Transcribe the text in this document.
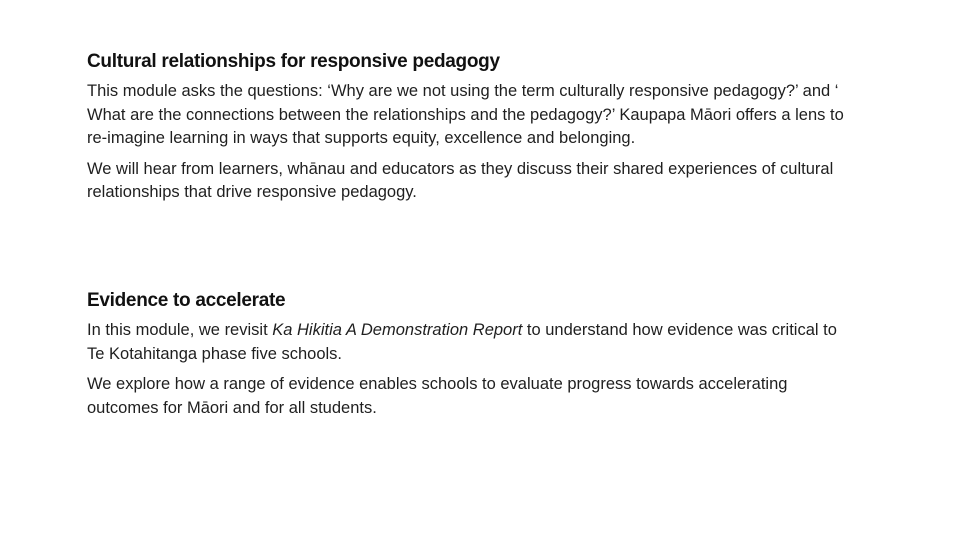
Cultural relationships for responsive pedagogy

This module asks the questions: ‘Why are we not using the term culturally responsive pedagogy?’ and ‘ What are the connections between the relationships and the pedagogy?’ Kaupapa Māori offers a lens to re-imagine learning in ways that supports equity, excellence and belonging.

We will hear from learners, whānau and educators as they discuss their shared experiences of cultural relationships that drive responsive pedagogy.

Evidence to accelerate

In this module, we revisit Ka Hikitia A Demonstration Report to understand how evidence was critical to Te Kotahitanga phase five schools.

We explore how a range of evidence enables schools to evaluate progress towards accelerating outcomes for Māori and for all students.
